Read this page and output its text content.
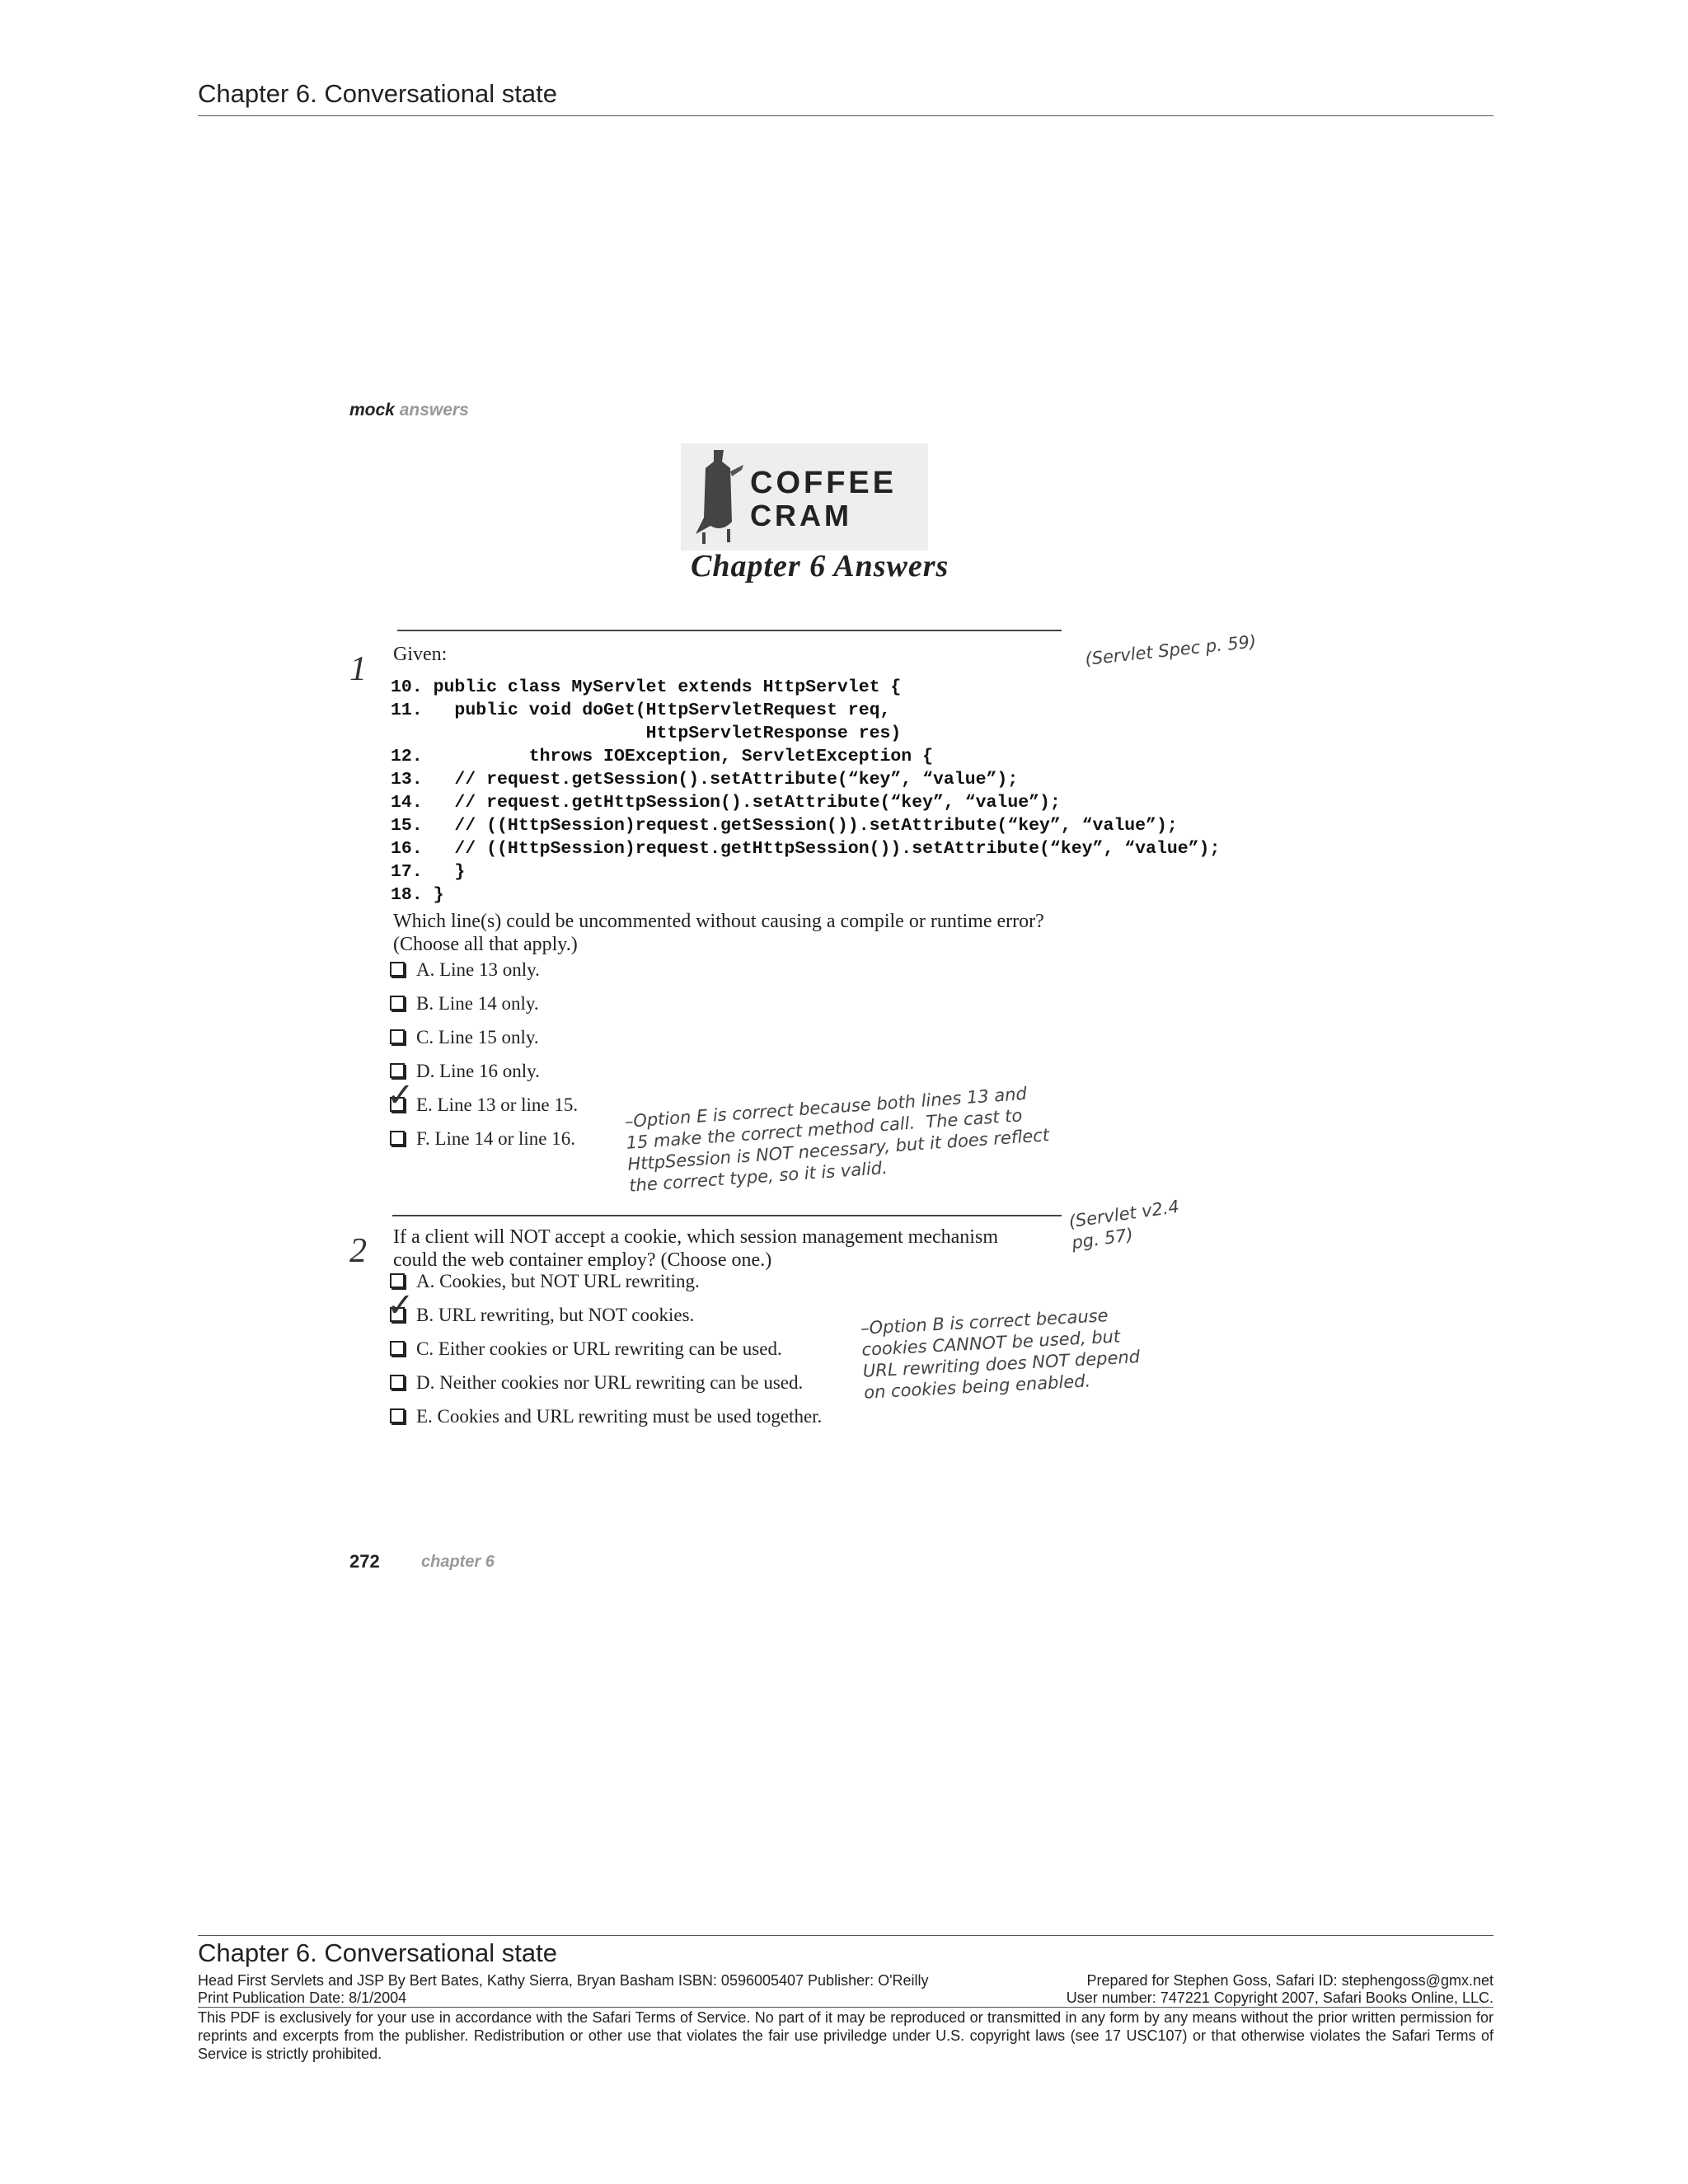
Chapter 6. Conversational state
mock answers
COFFEE
CRAM
Chapter 6 Answers
1 Given:	(Servlet Spec p. 59)
10. public class MyServlet extends HttpServlet {
11.   public void doGet(HttpServletRequest req,
HttpServletResponse res)
12.          throws IOException, ServletException {
13.   // request.getSession().setAttribute(“key”, “value”);
14.   // request.getHttpSession().setAttribute(“key”, “value”);
15.   // ((HttpSession)request.getSession()).setAttribute(“key”, “value”);
16.   // ((HttpSession)request.getHttpSession()).setAttribute(“key”, “value”);
17.   }
18. }
Which line(s) could be uncommented without causing a compile or runtime error?
(Choose all that apply.)
A. Line 13 only.
B. Line 14 only.
C. Line 15 only.
D. Line 16 only.
✓ E. Line 13 or line 15.
F. Line 14 or line 16.
–Option E is correct because both lines 13 and
15 make the correct method call.  The cast to
HttpSession is NOT necessary, but it does reflect
the correct type, so it is valid.
2
(Servlet v2.4
pg. 57)
If a client will NOT accept a cookie, which session management mechanism
could the web container employ? (Choose one.)
A. Cookies, but NOT URL rewriting.
✓ B. URL rewriting, but NOT cookies.
C. Either cookies or URL rewriting can be used.
D. Neither cookies nor URL rewriting can be used.
E. Cookies and URL rewriting must be used together.
–Option B is correct because
cookies CANNOT be used, but
URL rewriting does NOT depend
on cookies being enabled.
272	chapter 6
Chapter 6. Conversational state
Head First Servlets and JSP By Bert Bates, Kathy Sierra, Bryan Basham ISBN: 0596005407 Publisher: O'Reilly	Prepared for Stephen Goss, Safari ID: stephengoss@gmx.net
Print Publication Date: 8/1/2004	User number: 747221 Copyright 2007, Safari Books Online, LLC.
This PDF is exclusively for your use in accordance with the Safari Terms of Service. No part of it may be reproduced or transmitted in any form by any means without the prior written permission for reprints and excerpts from the publisher. Redistribution or other use that violates the fair use priviledge under U.S. copyright laws (see 17 USC107) or that otherwise violates the Safari Terms of Service is strictly prohibited.
